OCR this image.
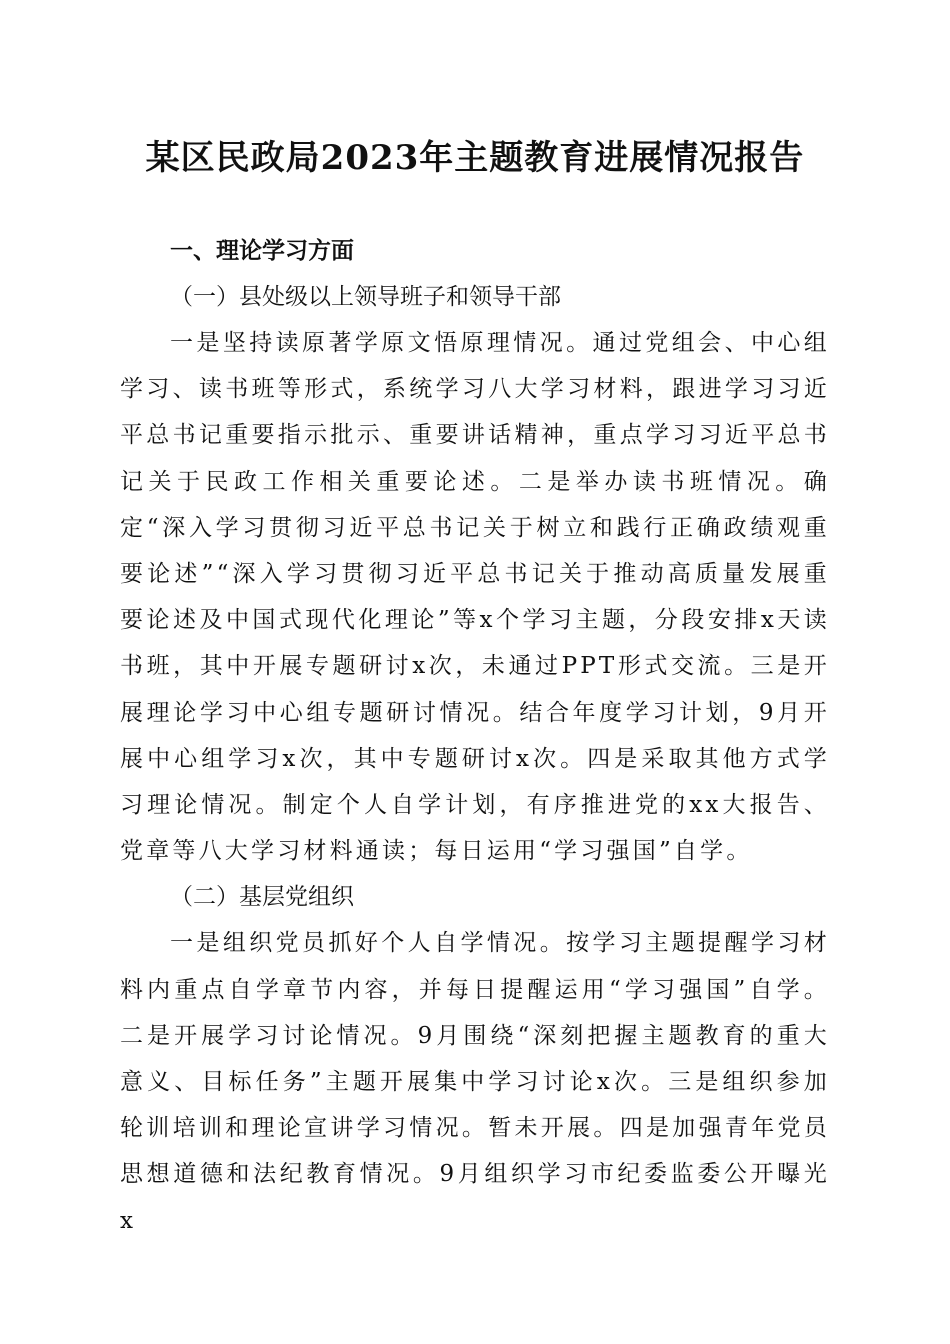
某区民政局2023年主题教育进展情况报告

一、理论学习方面

（一）县处级以上领导班子和领导干部

一是坚持读原著学原文悟原理情况。通过党组会、中心组学习、读书班等形式，系统学习八大学习材料，跟进学习习近平总书记重要指示批示、重要讲话精神，重点学习习近平总书记关于民政工作相关重要论述。二是举办读书班情况。确定“深入学习贯彻习近平总书记关于树立和践行正确政绩观重要论述”“深入学习贯彻习近平总书记关于推动高质量发展重要论述及中国式现代化理论”等x个学习主题，分段安排x天读书班，其中开展专题研讨x次，未通过PPT形式交流。三是开展理论学习中心组专题研讨情况。结合年度学习计划，9月开展中心组学习x次，其中专题研讨x次。四是采取其他方式学习理论情况。制定个人自学计划，有序推进党的xx大报告、党章等八大学习材料通读；每日运用“学习强国”自学。

（二）基层党组织

一是组织党员抓好个人自学情况。按学习主题提醒学习材料内重点自学章节内容，并每日提醒运用“学习强国”自学。二是开展学习讨论情况。9月围绕“深刻把握主题教育的重大意义、目标任务”主题开展集中学习讨论x次。三是组织参加轮训培训和理论宣讲学习情况。暂未开展。四是加强青年党员思想道德和法纪教育情况。9月组织学习市纪委监委公开曝光x
